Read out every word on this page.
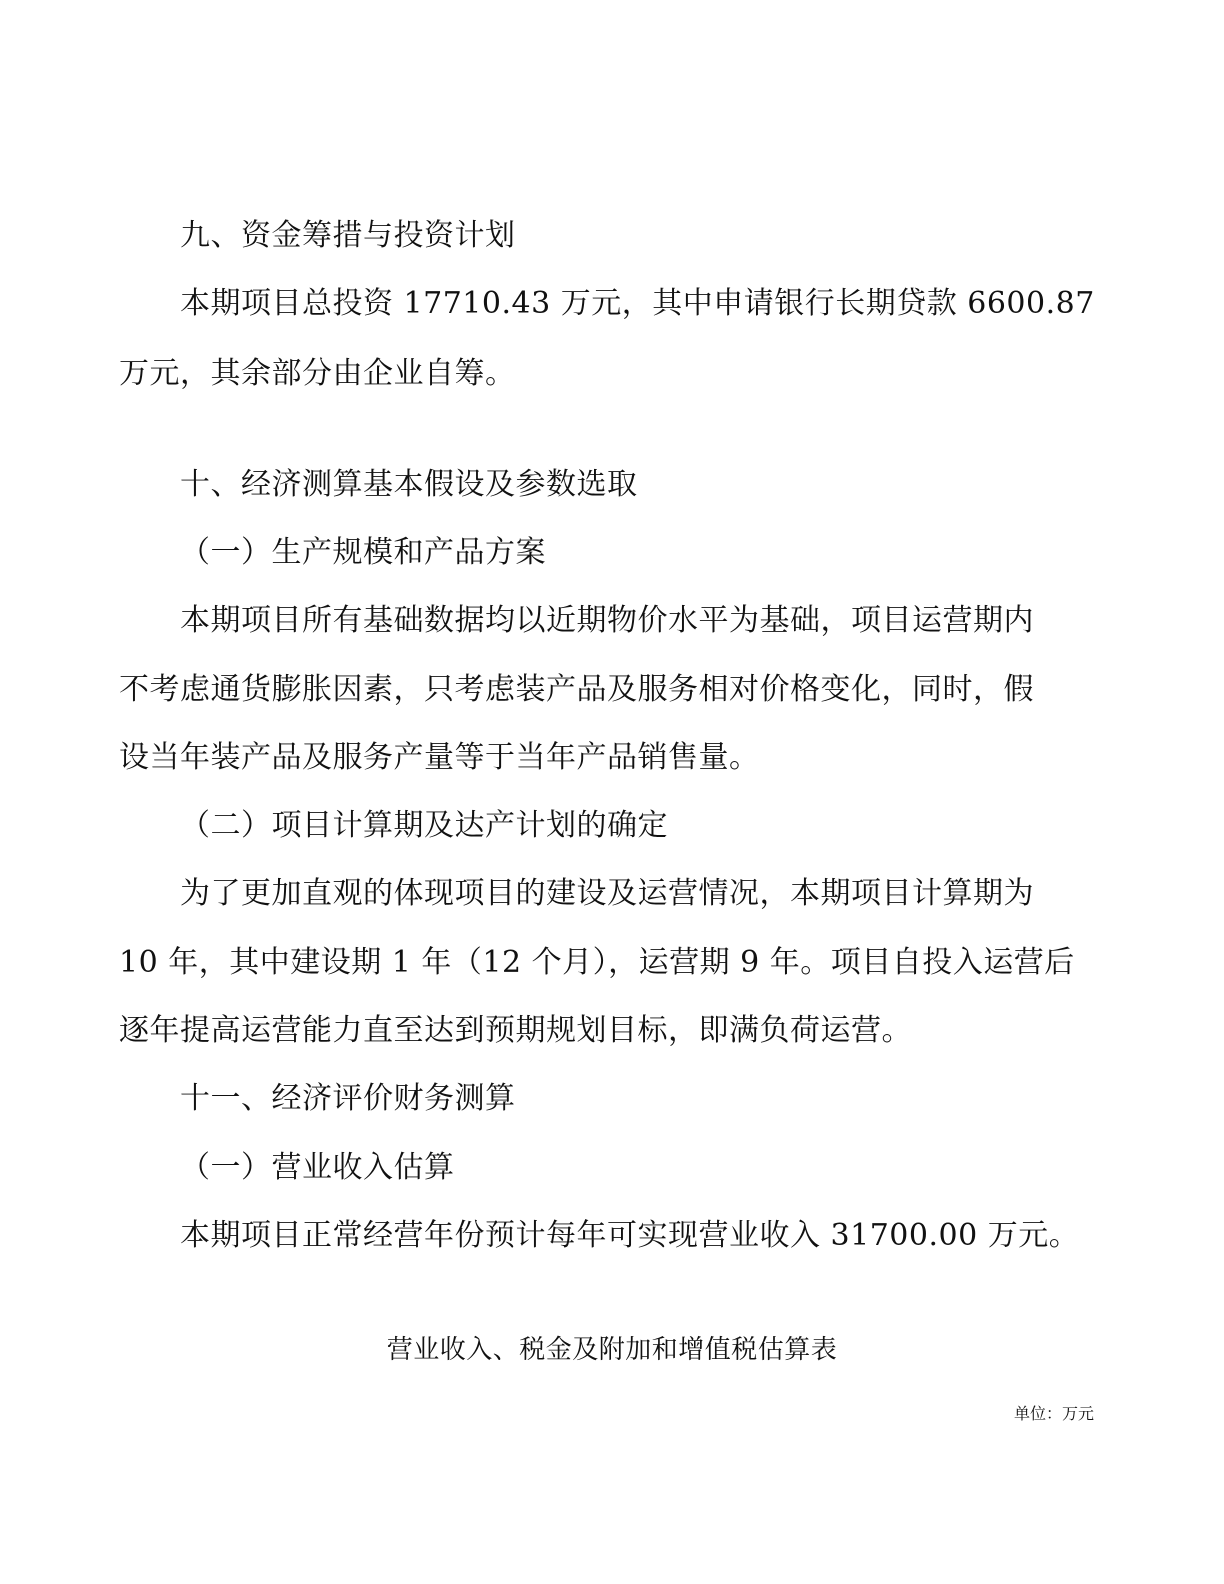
九、资金筹措与投资计划
本期项目总投资 17710.43 万元，其中申请银行长期贷款 6600.87
万元，其余部分由企业自筹。
十、经济测算基本假设及参数选取
（一）生产规模和产品方案
本期项目所有基础数据均以近期物价水平为基础，项目运营期内
不考虑通货膨胀因素，只考虑装产品及服务相对价格变化，同时，假
设当年装产品及服务产量等于当年产品销售量。
（二）项目计算期及达产计划的确定
为了更加直观的体现项目的建设及运营情况，本期项目计算期为
10 年，其中建设期 1 年（12 个月），运营期 9 年。项目自投入运营后
逐年提高运营能力直至达到预期规划目标，即满负荷运营。
十一、经济评价财务测算
（一）营业收入估算
本期项目正常经营年份预计每年可实现营业收入 31700.00 万元。
营业收入、税金及附加和增值税估算表
单位：万元
